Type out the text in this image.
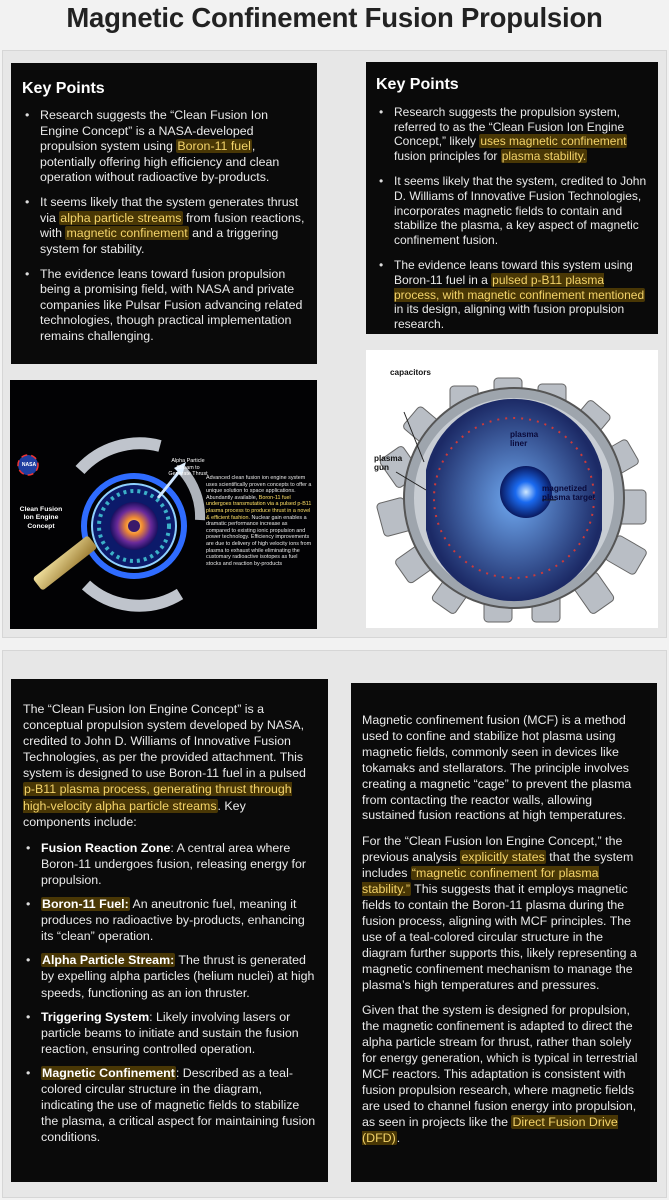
Magnetic Confinement Fusion Propulsion
Key Points
• Research suggests the “Clean Fusion Ion Engine Concept” is a NASA-developed propulsion system using Boron-11 fuel, potentially offering high efficiency and clean operation without radioactive by-products.
• It seems likely that the system generates thrust via alpha particle streams from fusion reactions, with magnetic confinement and a triggering system for stability.
• The evidence leans toward fusion propulsion being a promising field, with NASA and private companies like Pulsar Fusion advancing related technologies, though practical implementation remains challenging.
Key Points
• Research suggests the propulsion system, referred to as the “Clean Fusion Ion Engine Concept,” likely uses magnetic confinement fusion principles for plasma stability.
• It seems likely that the system, credited to John D. Williams of Innovative Fusion Technologies, incorporates magnetic fields to contain and stabilize the plasma, a key aspect of magnetic confinement fusion.
• The evidence leans toward this system using Boron-11 fuel in a pulsed p-B11 plasma process, with magnetic confinement mentioned in its design, aligning with fusion propulsion research.
NASA
Clean Fusion Ion Engine Concept
Alpha Particle Stream to Generate Thrust
Advanced clean fusion ion engine system uses scientifically proven concepts to offer a unique solution to space applications. Abundantly available, Boron-11 fuel undergoes transmutation via a pulsed p-B11 plasma process to produce thrust in a novel & efficient fashion. Nuclear gain enables a dramatic performance increase as compared to existing ionic propulsion and power technology. Efficiency improvements are due to delivery of high velocity ions from plasma to exhaust while eliminating the customary radioactive isotopes as fuel stocks and reaction by-products
capacitors
plasma liner
plasma gun
magnetized plasma target

The “Clean Fusion Ion Engine Concept” is a conceptual propulsion system developed by NASA, credited to John D. Williams of Innovative Fusion Technologies, as per the provided attachment. This system is designed to use Boron-11 fuel in a pulsed p-B11 plasma process, generating thrust through high-velocity alpha particle streams. Key components include:

• Fusion Reaction Zone: A central area where Boron-11 undergoes fusion, releasing energy for propulsion.
• Boron-11 Fuel: An aneutronic fuel, meaning it produces no radioactive by-products, enhancing its “clean” operation.
• Alpha Particle Stream: The thrust is generated by expelling alpha particles (helium nuclei) at high speeds, functioning as an ion thruster.
• Triggering System: Likely involving lasers or particle beams to initiate and sustain the fusion reaction, ensuring controlled operation.
• Magnetic Confinement: Described as a teal-colored circular structure in the diagram, indicating the use of magnetic fields to stabilize the plasma, a critical aspect for maintaining fusion conditions.

Magnetic confinement fusion (MCF) is a method used to confine and stabilize hot plasma using magnetic fields, commonly seen in devices like tokamaks and stellarators. The principle involves creating a magnetic “cage” to prevent the plasma from contacting the reactor walls, allowing sustained fusion reactions at high temperatures.

For the “Clean Fusion Ion Engine Concept,” the previous analysis explicitly states that the system includes “magnetic confinement for plasma stability.” This suggests that it employs magnetic fields to contain the Boron-11 plasma during the fusion process, aligning with MCF principles. The use of a teal-colored circular structure in the diagram further supports this, likely representing a magnetic confinement mechanism to manage the plasma’s high temperatures and pressures.

Given that the system is designed for propulsion, the magnetic confinement is adapted to direct the alpha particle stream for thrust, rather than solely for energy generation, which is typical in terrestrial MCF reactors. This adaptation is consistent with fusion propulsion research, where magnetic fields are used to channel fusion energy into propulsion, as seen in projects like the Direct Fusion Drive (DFD).
